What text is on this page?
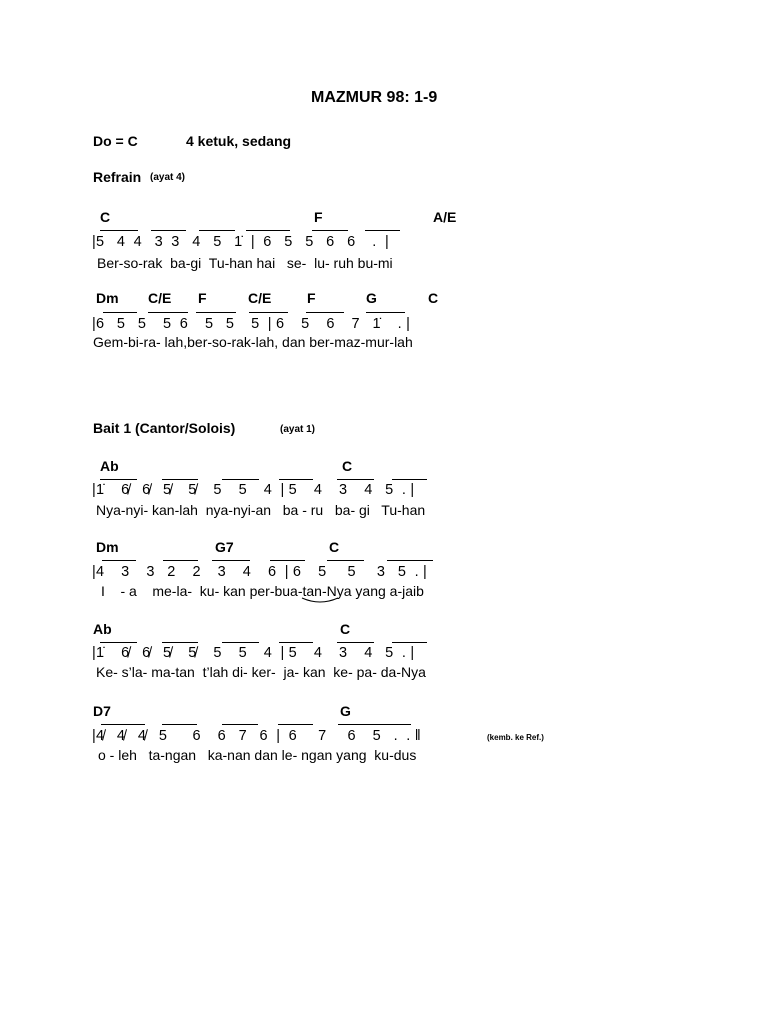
MAZMUR 98: 1-9
Do = C	4 ketuk, sedang
Refrain (ayat 4)
C	F	A/E
|5   4  4   3  3   4   5   1̇  |  6   5   5   6   6    .  |
Ber-so-rak  ba-gi  Tu-han hai   se-  lu- ruh bu-mi
Dm C/E F	C/E	F	G	C
|6   5   5    5  6    5   5    5  | 6    5    6    7   1̇    . |
Gem-bi-ra- lah,ber-so-rak-lah, dan ber-maz-mur-lah
Bait 1 (Cantor/Solois)	(ayat 1)
Ab	C
|1̇    6̸   6̸   5̸    5̸    5    5    4  | 5    4    3    4   5  . |
Nya-nyi- kan-lah  nya-nyi-an   ba - ru   ba- gi   Tu-han
Dm	G7	C
|4    3    3   2    2    3    4    6  | 6    5     5     3   5  . |
I    - a    me-la-  ku- kan per-bua-tan-Nya yang a-jaib
Ab	C
|1̇    6̸   6̸   5̸    5̸    5    5    4  | 5    4    3    4   5  . |
Ke- s’la- ma-tan  t’lah di- ker-  ja- kan  ke- pa- da-Nya
D7	G
|4̸   4̸   4̸   5      6    6   7   6  |  6     7     6    5   .  . ‖	(kemb. ke Ref.)
o - leh   ta-ngan   ka-nan dan le- ngan yang  ku-dus
